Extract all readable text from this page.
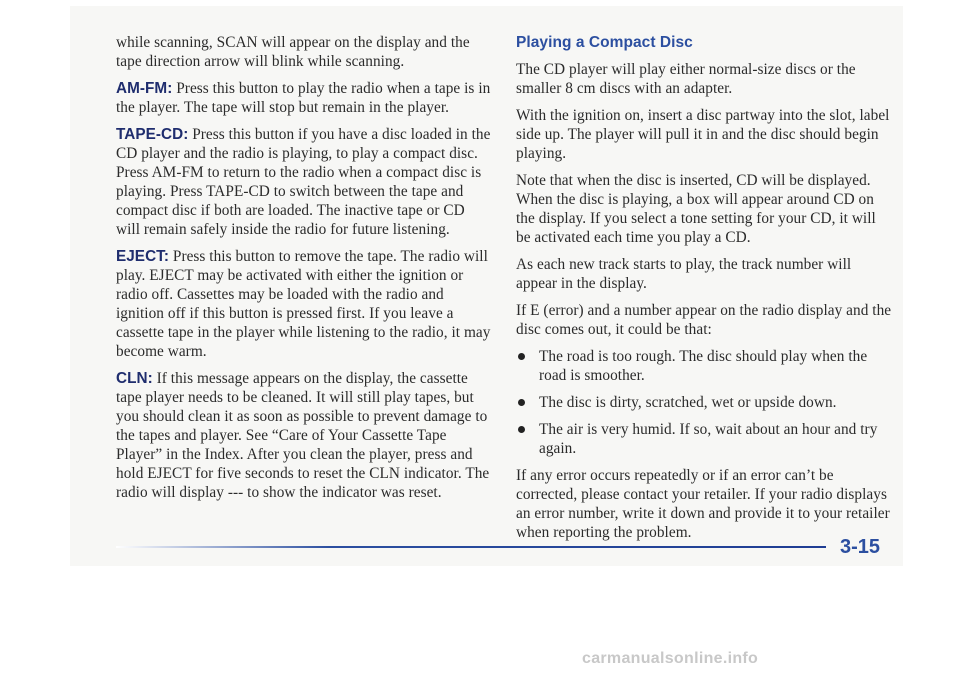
while scanning, SCAN will appear on the display and the tape direction arrow will blink while scanning.

AM-FM: Press this button to play the radio when a tape is in the player. The tape will stop but remain in the player.

TAPE-CD: Press this button if you have a disc loaded in the CD player and the radio is playing, to play a compact disc. Press AM-FM to return to the radio when a compact disc is playing. Press TAPE-CD to switch between the tape and compact disc if both are loaded. The inactive tape or CD will remain safely inside the radio for future listening.

EJECT: Press this button to remove the tape. The radio will play. EJECT may be activated with either the ignition or radio off. Cassettes may be loaded with the radio and ignition off if this button is pressed first. If you leave a cassette tape in the player while listening to the radio, it may become warm.

CLN: If this message appears on the display, the cassette tape player needs to be cleaned. It will still play tapes, but you should clean it as soon as possible to prevent damage to the tapes and player. See “Care of Your Cassette Tape Player” in the Index. After you clean the player, press and hold EJECT for five seconds to reset the CLN indicator. The radio will display --- to show the indicator was reset.

Playing a Compact Disc

The CD player will play either normal-size discs or the smaller 8 cm discs with an adapter.

With the ignition on, insert a disc partway into the slot, label side up. The player will pull it in and the disc should begin playing.

Note that when the disc is inserted, CD will be displayed. When the disc is playing, a box will appear around CD on the display. If you select a tone setting for your CD, it will be activated each time you play a CD.

As each new track starts to play, the track number will appear in the display.

If E (error) and a number appear on the radio display and the disc comes out, it could be that:

The road is too rough. The disc should play when the road is smoother.
The disc is dirty, scratched, wet or upside down.
The air is very humid. If so, wait about an hour and try again.

If any error occurs repeatedly or if an error can’t be corrected, please contact your retailer. If your radio displays an error number, write it down and provide it to your retailer when reporting the problem.

3-15
carmanualsonline.info
